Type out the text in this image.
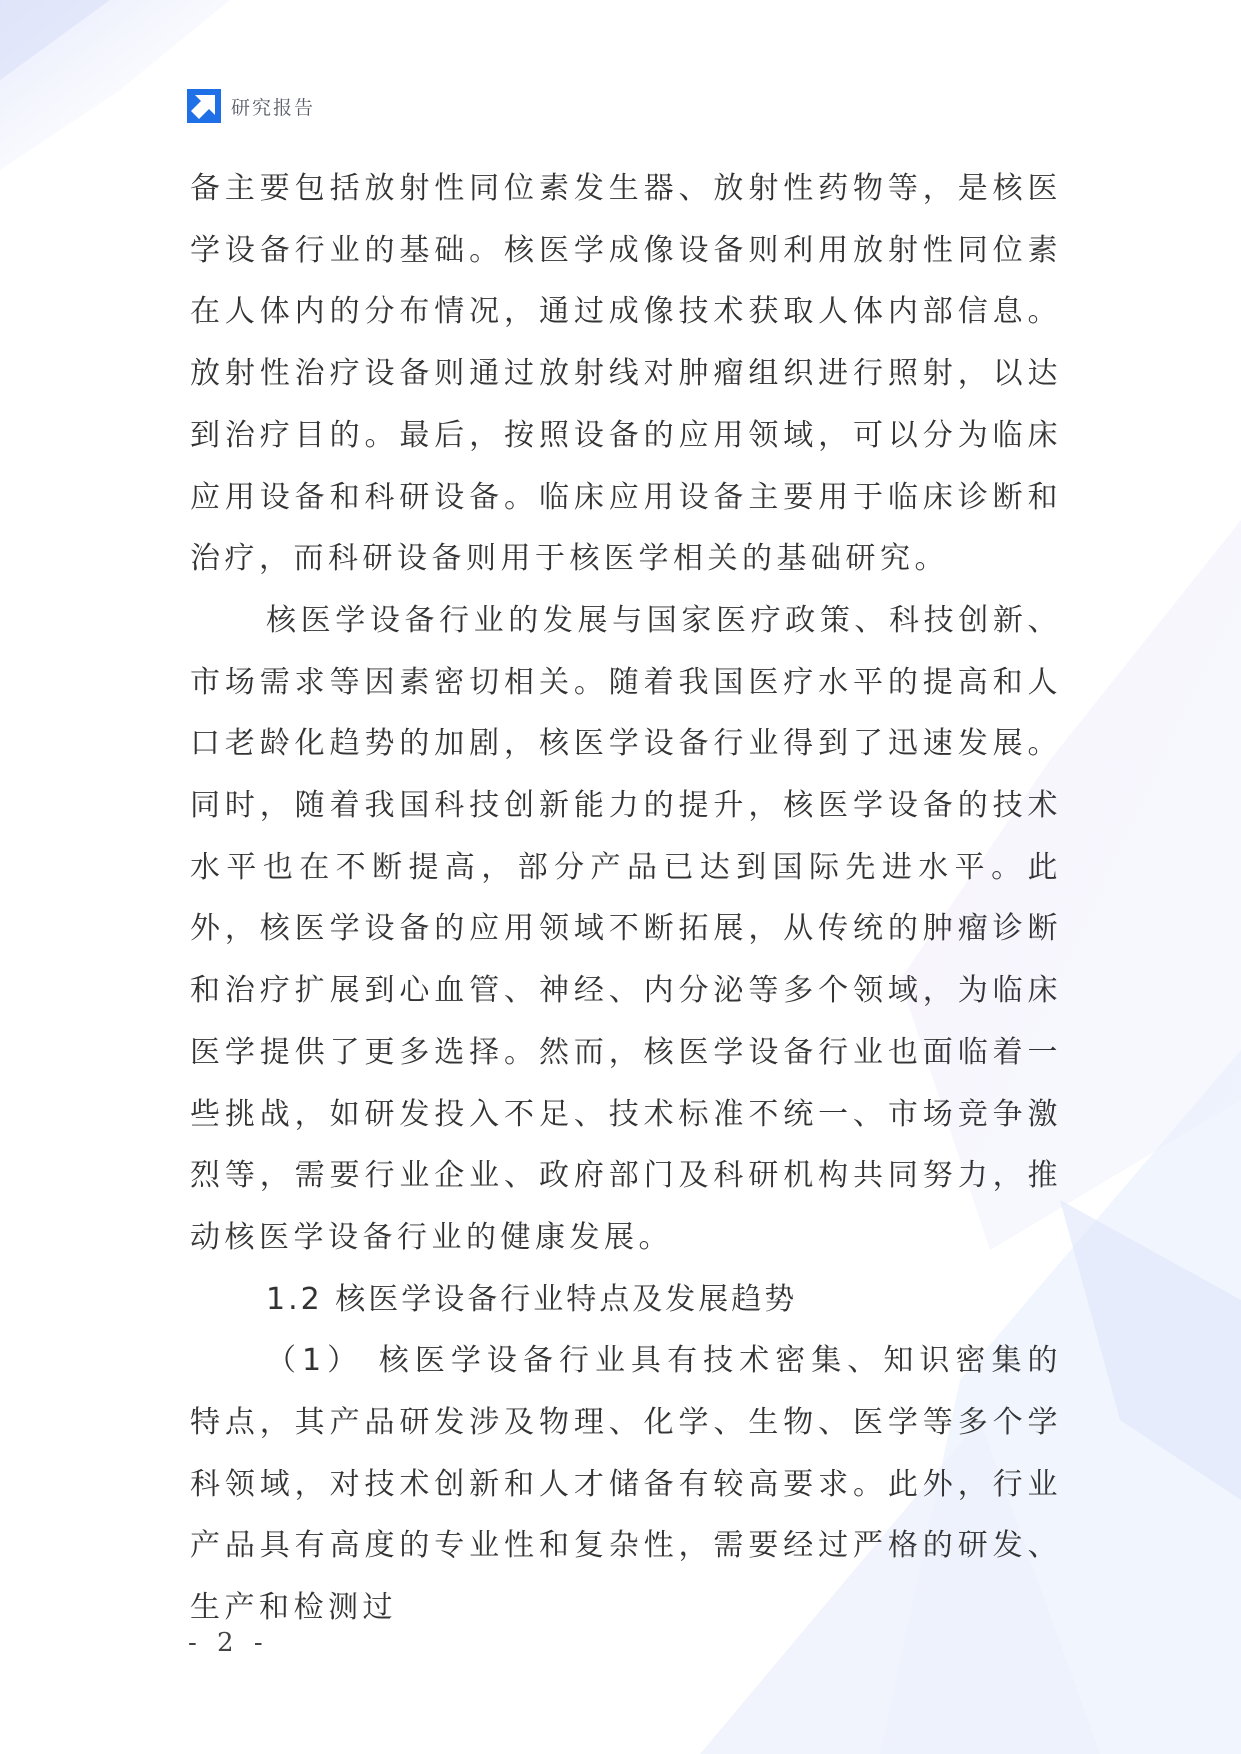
研究报告

备主要包括放射性同位素发生器、放射性药物等，是核医学设备行业的基础。核医学成像设备则利用放射性同位素在人体内的分布情况，通过成像技术获取人体内部信息。放射性治疗设备则通过放射线对肿瘤组织进行照射，以达到治疗目的。最后，按照设备的应用领域，可以分为临床应用设备和科研设备。临床应用设备主要用于临床诊断和治疗，而科研设备则用于核医学相关的基础研究。

核医学设备行业的发展与国家医疗政策、科技创新、市场需求等因素密切相关。随着我国医疗水平的提高和人口老龄化趋势的加剧，核医学设备行业得到了迅速发展。同时，随着我国科技创新能力的提升，核医学设备的技术水平也在不断提高，部分产品已达到国际先进水平。此外，核医学设备的应用领域不断拓展，从传统的肿瘤诊断和治疗扩展到心血管、神经、内分泌等多个领域，为临床医学提供了更多选择。然而，核医学设备行业也面临着一些挑战，如研发投入不足、技术标准不统一、市场竞争激烈等，需要行业企业、政府部门及科研机构共同努力，推动核医学设备行业的健康发展。

1.2 核医学设备行业特点及发展趋势

（1） 核医学设备行业具有技术密集、知识密集的特点，其产品研发涉及物理、化学、生物、医学等多个学科领域，对技术创新和人才储备有较高要求。此外，行业产品具有高度的专业性和复杂性，需要经过严格的研发、生产和检测过

- 2 -
